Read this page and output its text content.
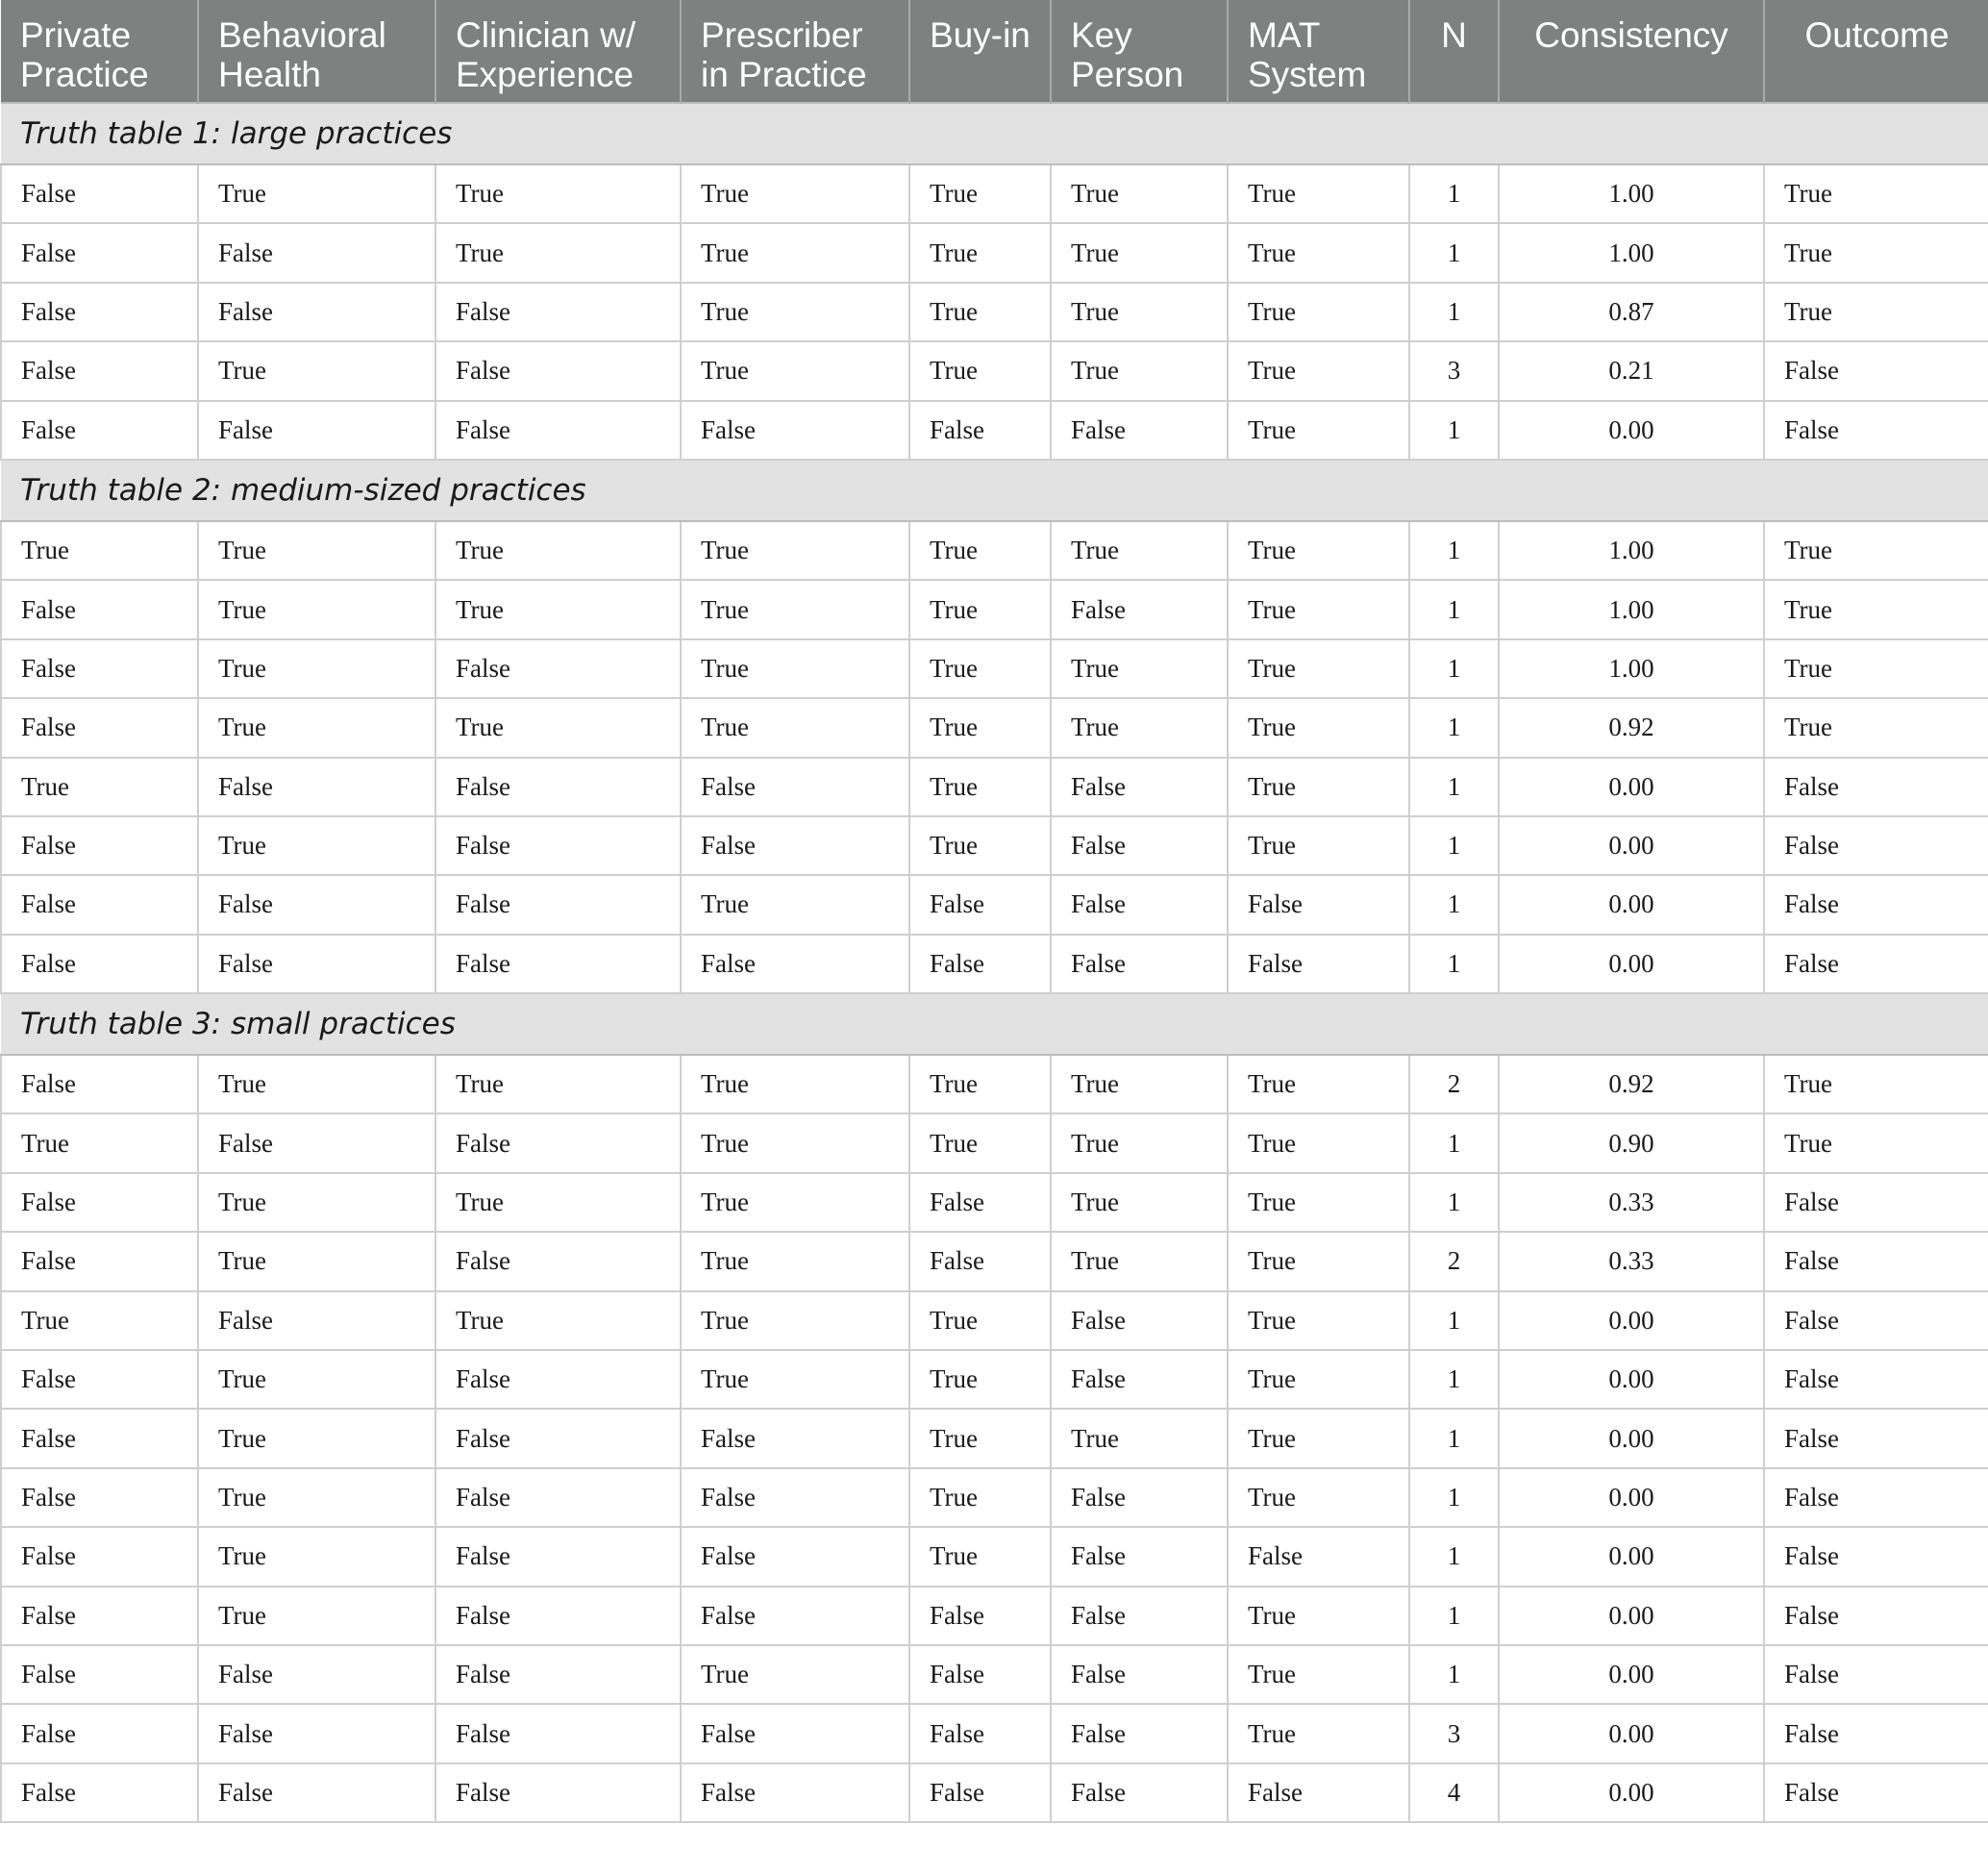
Private Practice	Behavioral Health	Clinician w/ Experience	Prescriber in Practice	Buy-in	Key Person	MAT System	N	Consistency	Outcome
Truth table 1: large practices									
False	True	True	True	True	True	True	1	1.00	True
False	False	True	True	True	True	True	1	1.00	True
False	False	False	True	True	True	True	1	0.87	True
False	True	False	True	True	True	True	3	0.21	False
False	False	False	False	False	False	True	1	0.00	False
Truth table 2: medium-sized practices									
True	True	True	True	True	True	True	1	1.00	True
False	True	True	True	True	False	True	1	1.00	True
False	True	False	True	True	True	True	1	1.00	True
False	True	True	True	True	True	True	1	0.92	True
True	False	False	False	True	False	True	1	0.00	False
False	True	False	False	True	False	True	1	0.00	False
False	False	False	True	False	False	False	1	0.00	False
False	False	False	False	False	False	False	1	0.00	False
Truth table 3: small practices									
False	True	True	True	True	True	True	2	0.92	True
True	False	False	True	True	True	True	1	0.90	True
False	True	True	True	False	True	True	1	0.33	False
False	True	False	True	False	True	True	2	0.33	False
True	False	True	True	True	False	True	1	0.00	False
False	True	False	True	True	False	True	1	0.00	False
False	True	False	False	True	True	True	1	0.00	False
False	True	False	False	True	False	True	1	0.00	False
False	True	False	False	True	False	False	1	0.00	False
False	True	False	False	False	False	True	1	0.00	False
False	False	False	True	False	False	True	1	0.00	False
False	False	False	False	False	False	True	3	0.00	False
False	False	False	False	False	False	False	4	0.00	False
